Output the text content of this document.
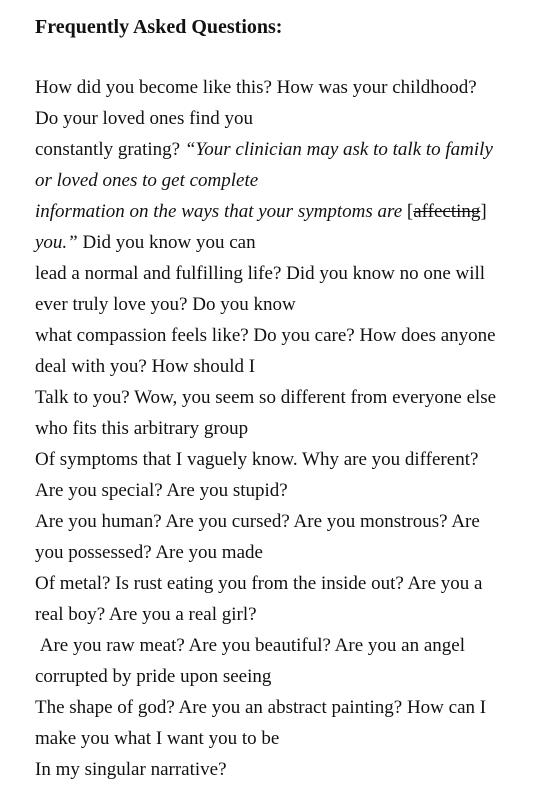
Frequently Asked Questions:
How did you become like this? How was your childhood?
Do your loved ones find you
constantly grating? “Your clinician may ask to talk to family
or loved ones to get complete
information on the ways that your symptoms are [affecting]
you.” Did you know you can
lead a normal and fulfilling life? Did you know no one will
ever truly love you? Do you know
what compassion feels like? Do you care? How does anyone
deal with you? How should I
Talk to you? Wow, you seem so different from everyone else
who fits this arbitrary group
Of symptoms that I vaguely know. Why are you different?
Are you special? Are you stupid?
Are you human? Are you cursed? Are you monstrous? Are
you possessed? Are you made
Of metal? Is rust eating you from the inside out? Are you a
real boy? Are you a real girl?
Are you raw meat? Are you beautiful? Are you an angel
corrupted by pride upon seeing
The shape of god? Are you an abstract painting? How can I
make you what I want you to be
In my singular narrative?
